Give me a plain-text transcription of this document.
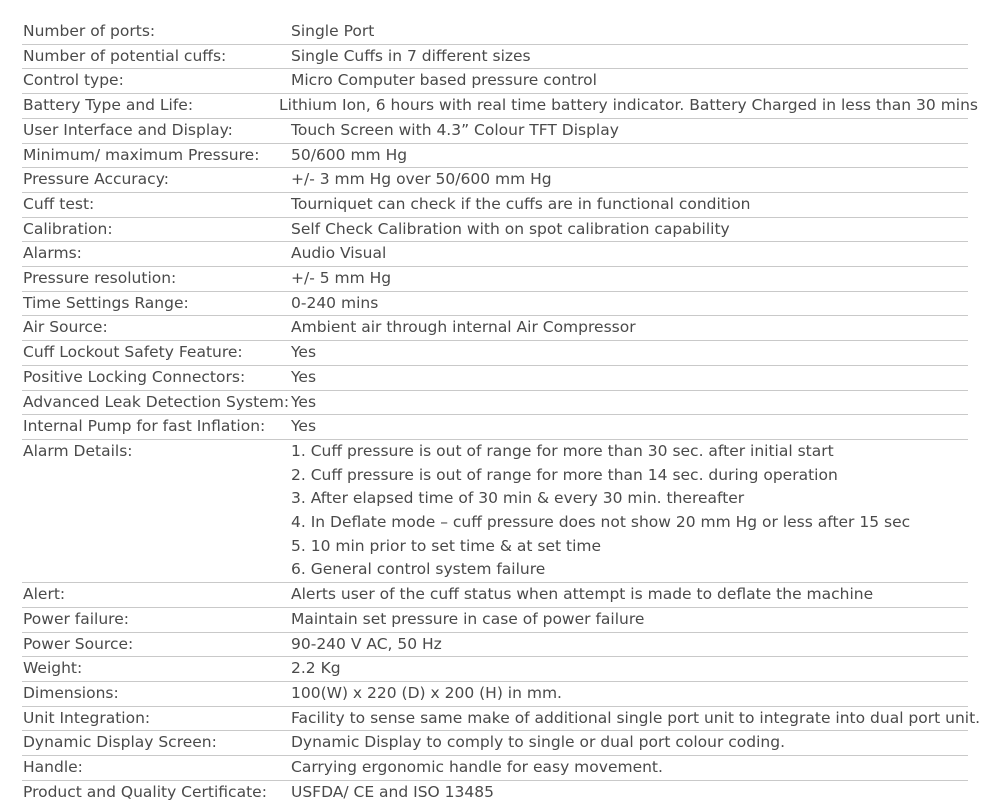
Number of ports:	Single Port
Number of potential cuffs:	Single Cuffs in 7 different sizes
Control type:	Micro Computer based pressure control
Battery Type and Life:	Lithium Ion, 6 hours with real time battery indicator. Battery Charged in less than 30 mins
User Interface and Display:	Touch Screen with 4.3” Colour TFT Display
Minimum/ maximum Pressure:	50/600 mm Hg
Pressure Accuracy:	+/- 3 mm Hg over 50/600 mm Hg
Cuff test:	Tourniquet can check if the cuffs are in functional condition
Calibration:	Self Check Calibration with on spot calibration capability
Alarms:	Audio Visual
Pressure resolution:	+/- 5 mm Hg
Time Settings Range:	0-240 mins
Air Source:	Ambient air through internal Air Compressor
Cuff Lockout Safety Feature:	Yes
Positive Locking Connectors:	Yes
Advanced Leak Detection System: Yes
Internal Pump for fast Inflation:	Yes
Alarm Details:	1. Cuff pressure is out of range for more than 30 sec. after initial start
2. Cuff pressure is out of range for more than 14 sec. during operation
3. After elapsed time of 30 min & every 30 min. thereafter
4. In Deflate mode – cuff pressure does not show 20 mm Hg or less after 15 sec
5. 10 min prior to set time & at set time
6. General control system failure
Alert:	Alerts user of the cuff status when attempt is made to deflate the machine
Power failure:	Maintain set pressure in case of power failure
Power Source:	90-240 V AC, 50 Hz
Weight:	2.2 Kg
Dimensions:	100(W) x 220 (D) x 200 (H) in mm.
Unit Integration:	Facility to sense same make of additional single port unit to integrate into dual port unit.
Dynamic Display Screen:	Dynamic Display to comply to single or dual port colour coding.
Handle:	Carrying ergonomic handle for easy movement.
Product and Quality Certificate:	USFDA/ CE and ISO 13485
